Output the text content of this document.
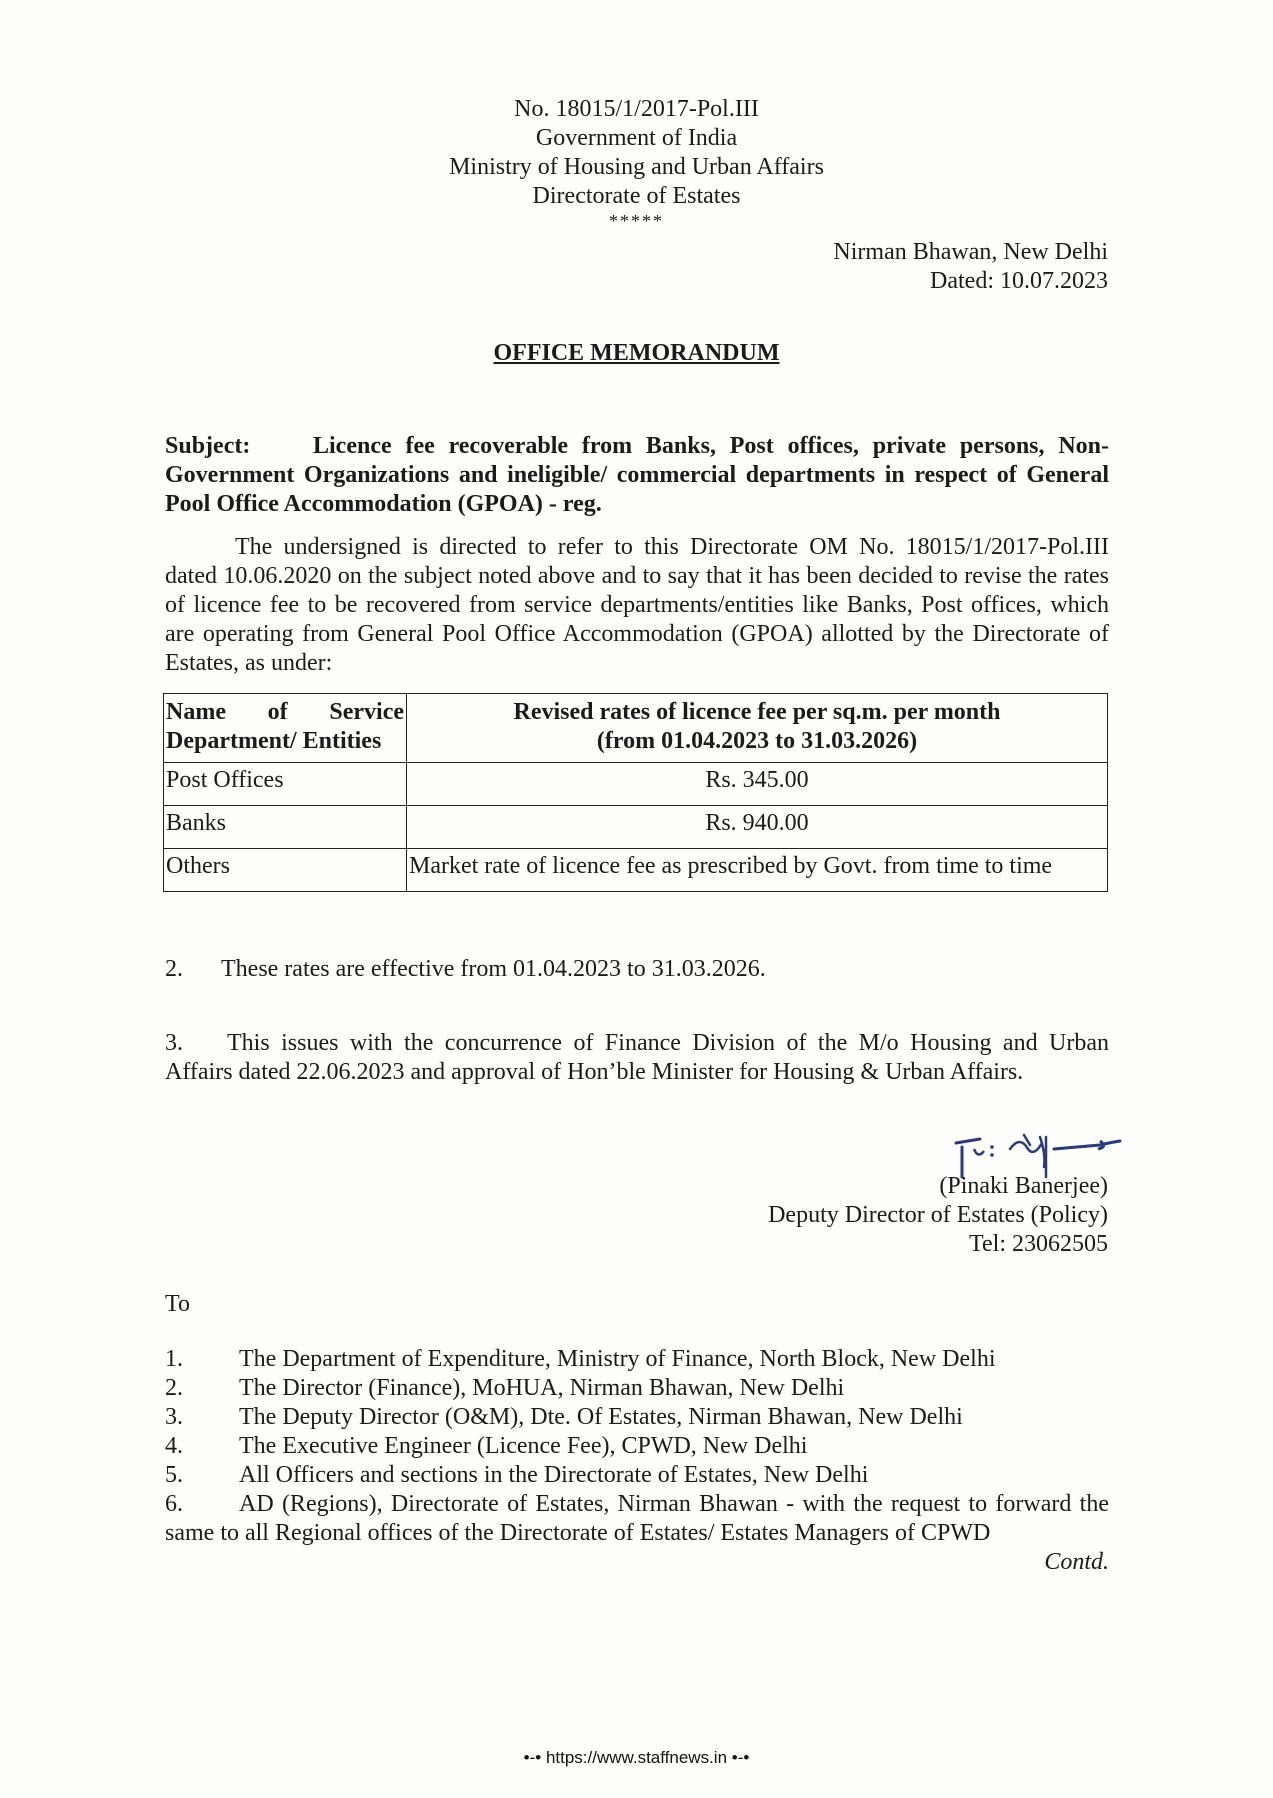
No. 18015/1/2017-Pol.III
Government of India
Ministry of Housing and Urban Affairs
Directorate of Estates
*****
Nirman Bhawan, New Delhi
Dated: 10.07.2023
OFFICE MEMORANDUM
Subject:	Licence fee recoverable from Banks, Post offices, private persons, Non-Government Organizations and ineligible/ commercial departments in respect of General Pool Office Accommodation (GPOA) - reg.
The undersigned is directed to refer to this Directorate OM No. 18015/1/2017-Pol.III dated 10.06.2020 on the subject noted above and to say that it has been decided to revise the rates of licence fee to be recovered from service departments/entities like Banks, Post offices, which are operating from General Pool Office Accommodation (GPOA) allotted by the Directorate of Estates, as under:
Name of Service Department/ Entities	Revised rates of licence fee per sq.m. per month
(from 01.04.2023 to 31.03.2026)

Post Offices	Rs. 345.00
Banks	Rs. 940.00
Others	Market rate of licence fee as prescribed by Govt. from time to time
2. These rates are effective from 01.04.2023 to 31.03.2026.
3. This issues with the concurrence of Finance Division of the M/o Housing and Urban Affairs dated 22.06.2023 and approval of Hon’ble Minister for Housing & Urban Affairs.
(Pinaki Banerjee)
Deputy Director of Estates (Policy)
Tel: 23062505
To
1. The Department of Expenditure, Ministry of Finance, North Block, New Delhi
2. The Director (Finance), MoHUA, Nirman Bhawan, New Delhi
3. The Deputy Director (O&M), Dte. Of Estates, Nirman Bhawan, New Delhi
4. The Executive Engineer (Licence Fee), CPWD, New Delhi
5. All Officers and sections in the Directorate of Estates, New Delhi
6. AD (Regions), Directorate of Estates, Nirman Bhawan - with the request to forward the same to all Regional offices of the Directorate of Estates/ Estates Managers of CPWD
Contd.
•-• https://www.staffnews.in •-•
